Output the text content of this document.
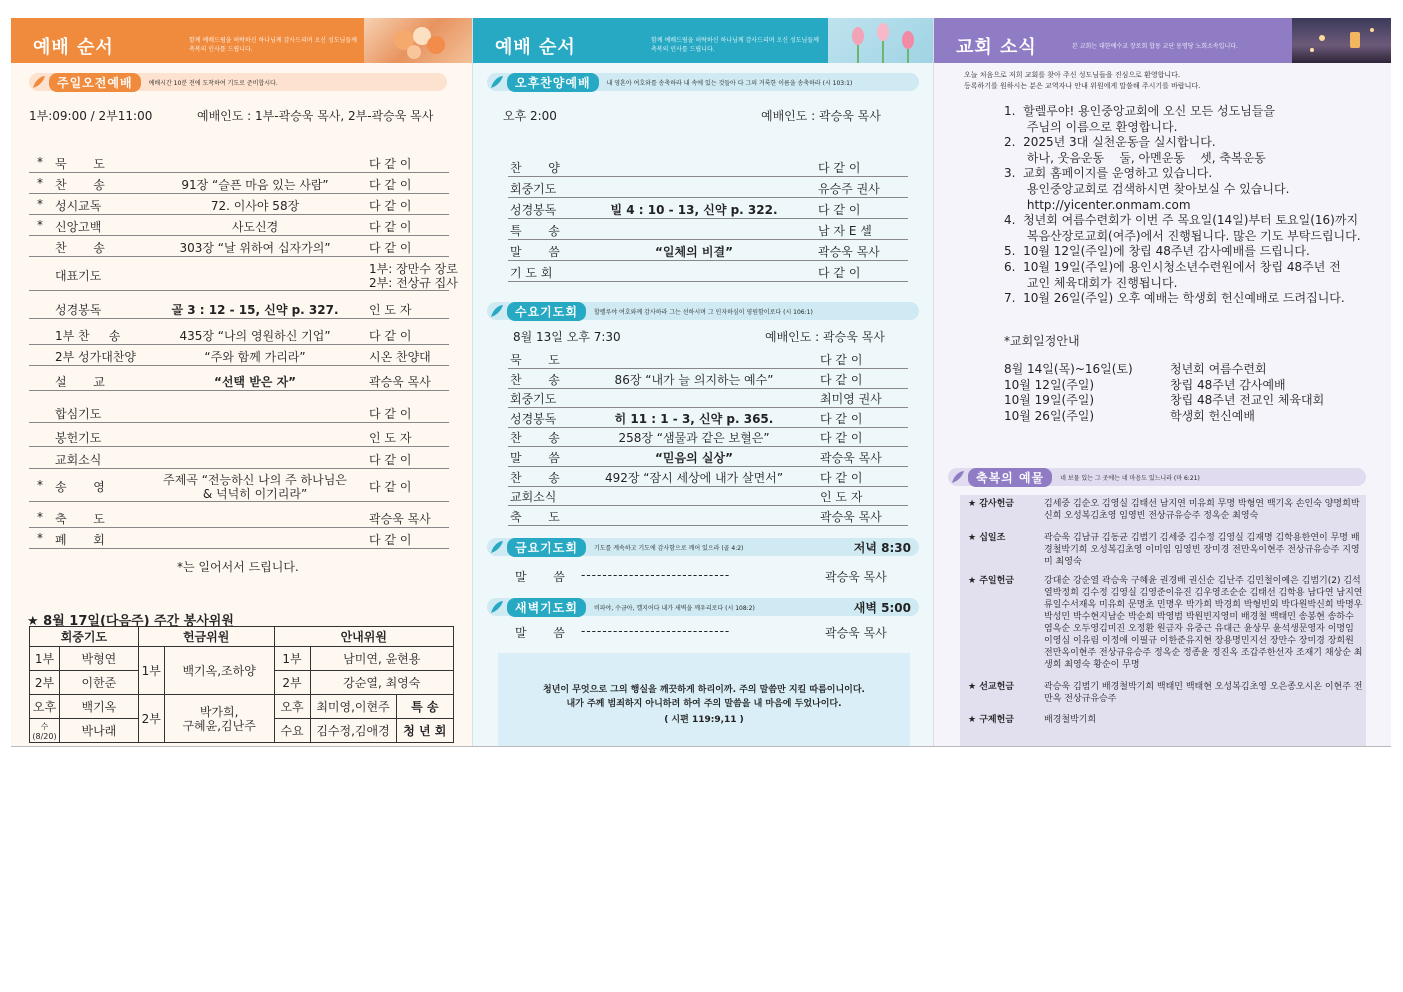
예배 순서	함께 예배드림을 허락하신 하나님께 감사드리며 오신 성도님들께 축복의 인사를 드립니다.
주일오전예배	예배시간 10분 전에 도착하여 기도로 준비합시다.
1부:09:00 / 2부11:00	예배인도 : 1부-곽승욱 목사, 2부-곽승욱 목사
* 묵       도	다 같 이
* 찬       송	91장 “슬픈 마음 있는 사람”	다 같 이
* 성시교독	72. 이사야 58장	다 같 이
* 신앙고백	사도신경	다 같 이
찬       송	303장 “날 위하여 십자가의”	다 같 이
대표기도	1부: 장만수 장로
2부: 전상규 집사
성경봉독	골 3 : 12 - 15, 신약 p. 327.	인 도 자
1부 찬     송	435장 “나의 영원하신 기업”	다 같 이
2부 성가대찬양	“주와 함께 가리라”	시온 찬양대
설       교	“선택 받은 자”	곽승욱 목사
합심기도	다 같 이
봉헌기도	인 도 자
교회소식	다 같 이
* 송       영	주제곡 “전능하신 나의 주 하나님은
& 넉넉히 이기리라”	다 같 이
* 축       도	곽승욱 목사
* 폐       회	다 같 이
*는 일어서서 드립니다.
★ 8월 17일(다음주) 주간 봉사위원
회중기도		헌금위원		안내위원		
1부	박형연	1부	백기옥,조하양	1부	남미연, 윤현용	
2부	이한준			2부	강순열, 최영숙	
오후	백기옥	2부	박가희,
구혜윤,김난주	오후	최미영,이현주	특 송
수(8/20)	박나래			수요	김수정,김애경	청 년 회
예배 순서	함께 예배드림을 허락하신 하나님께 감사드리며 오신 성도님들께 축복의 인사를 드립니다.
오후찬양예배	내 영혼아 여호와를 송축하라 내 속에 있는 것들아 다 그의 거룩한 이름을 송축하라 (시 103:1)
오후 2:00	예배인도 : 곽승욱 목사
찬       양	다 같 이
회중기도	유승주 권사
성경봉독	빌 4 : 10 - 13, 신약 p. 322.	다 같 이
특       송	남 자 E 셀
말       씀	“일체의 비결”	곽승욱 목사
기 도 회	다 같 이
수요기도회	할렐루야 여호와께 감사하라 그는 선하시며 그 인자하심이 영원함이로다 (시 106:1)
8월 13일 오후 7:30	예배인도 : 곽승욱 목사
묵       도	다 같 이
찬       송	86장 “내가 늘 의지하는 예수”	다 같 이
회중기도	최미영 권사
성경봉독	히 11 : 1 - 3, 신약 p. 365.	다 같 이
찬       송	258장 “샘물과 같은 보혈은”	다 같 이
말       씀	“믿음의 실상”	곽승욱 목사
찬       송	492장 “잠시 세상에 내가 살면서”	다 같 이
교회소식	인 도 자
축       도	곽승욱 목사
금요기도회	기도를 계속하고 기도에 감사함으로 깨어 있으라 (골 4:2)	저녁 8:30
말       씀 ----------------------------	곽승욱 목사
새벽기도회	비파야, 수금아, 깰지어다 내가 새벽을 깨우리로다 (시 108:2)	새벽 5:00
말       씀 ----------------------------	곽승욱 목사
청년이 무엇으로 그의 행실을 깨끗하게 하리이까. 주의 말씀만 지킬 따름이니이다.
내가 주께 범죄하지 아니하려 하여 주의 말씀을 내 마음에 두었나이다.
( 시편 119:9,11 )
교회 소식	본 교회는 대한예수교 장로회 합동 교단 동명당 노회소속입니다.
오늘 처음으로 저희 교회를 찾아 주신 성도님들을 진심으로 환영합니다.
등록하기를 원하시는 분은 교역자나 안내 위원에게 말씀해 주시기를 바랍니다.
1.  할렐루야! 용인중앙교회에 오신 모든 성도님들을
주님의 이름으로 환영합니다.
2.  2025년 3대 실천운동을 실시합니다.
하나, 웃음운동    둘, 아멘운동    셋, 축복운동
3.  교회 홈페이지를 운영하고 있습니다.
용인중앙교회로 검색하시면 찾아보실 수 있습니다.
http://yicenter.onmam.com
4.  청년회 여름수련회가 이번 주 목요일(14일)부터 토요일(16)까지
복음산장로교회(여주)에서 진행됩니다. 많은 기도 부탁드립니다.
5.  10월 12일(주일)에 창립 48주년 감사예배를 드립니다.
6.  10월 19일(주일)에 용인시청소년수련원에서 창립 48주년 전
교인 체육대회가 진행됩니다.
7.  10월 26일(주일) 오후 예배는 학생회 헌신예배로 드려집니다.
*교회일정안내
8월 14일(목)~16일(토)	청년회 여름수련회
10월 12일(주일)	창립 48주년 감사예배
10월 19일(주일)	창립 48주년 전교인 체육대회
10월 26일(주일)	학생회 헌신예배
축복의 예물	네 보물 있는 그 곳에는 네 마음도 있느니라 (마 6:21)
★ 감사헌금	김세중 김순오 김영실 김태선 남지연 미유희 무명 박형연 백기옥 손인숙 양명희박신희 오성복김초영 임영빈 전상규유승주 정옥순 최영숙
★ 십일조	곽승욱 김남규 김동균 김범기 김세중 김수정 김영실 김재명 김학용한연이 무명 배경철박기희 오성복김초영 이미임 임영빈 장미경 전만옥이현주 전상규유승주 지영미 최영숙
★ 주일헌금	강대순 강순열 곽승욱 구혜윤 권경배 권신순 김난주 김민철이예은 김범기(2) 김석열박정희 김수정 김영실 김영준이유진 김우영조순순 김태선 김학용 남다연 남지연 류일수서재옥 미유희 문명초 민명우 박가희 박경희 박형빈외 박다원박신희 박명우 박성민 박수현지남순 박순희 박영범 박원빈지영미 배경철 백태민 송봉현 송하수 염옥순 오두영김미진 오정환 원금자 유중근 유대근 윤상무 윤석생문영자 이명임 이영심 이유림 이정애 이필규 이한준유지현 장용명민지선 장만수 장미경 장희원 전만옥이현주 전상규유승주 정옥순 정종윤 정진옥 조갑주한선자 조재기 채상순 최생희 최영숙 황순이 무명
★ 선교헌금	곽승욱 김범기 배경철박기희 백태민 백태현 오성복김초영 오은종오시온 이현주 전만옥 전상규유승주
★ 구제헌금	배경철박기희
